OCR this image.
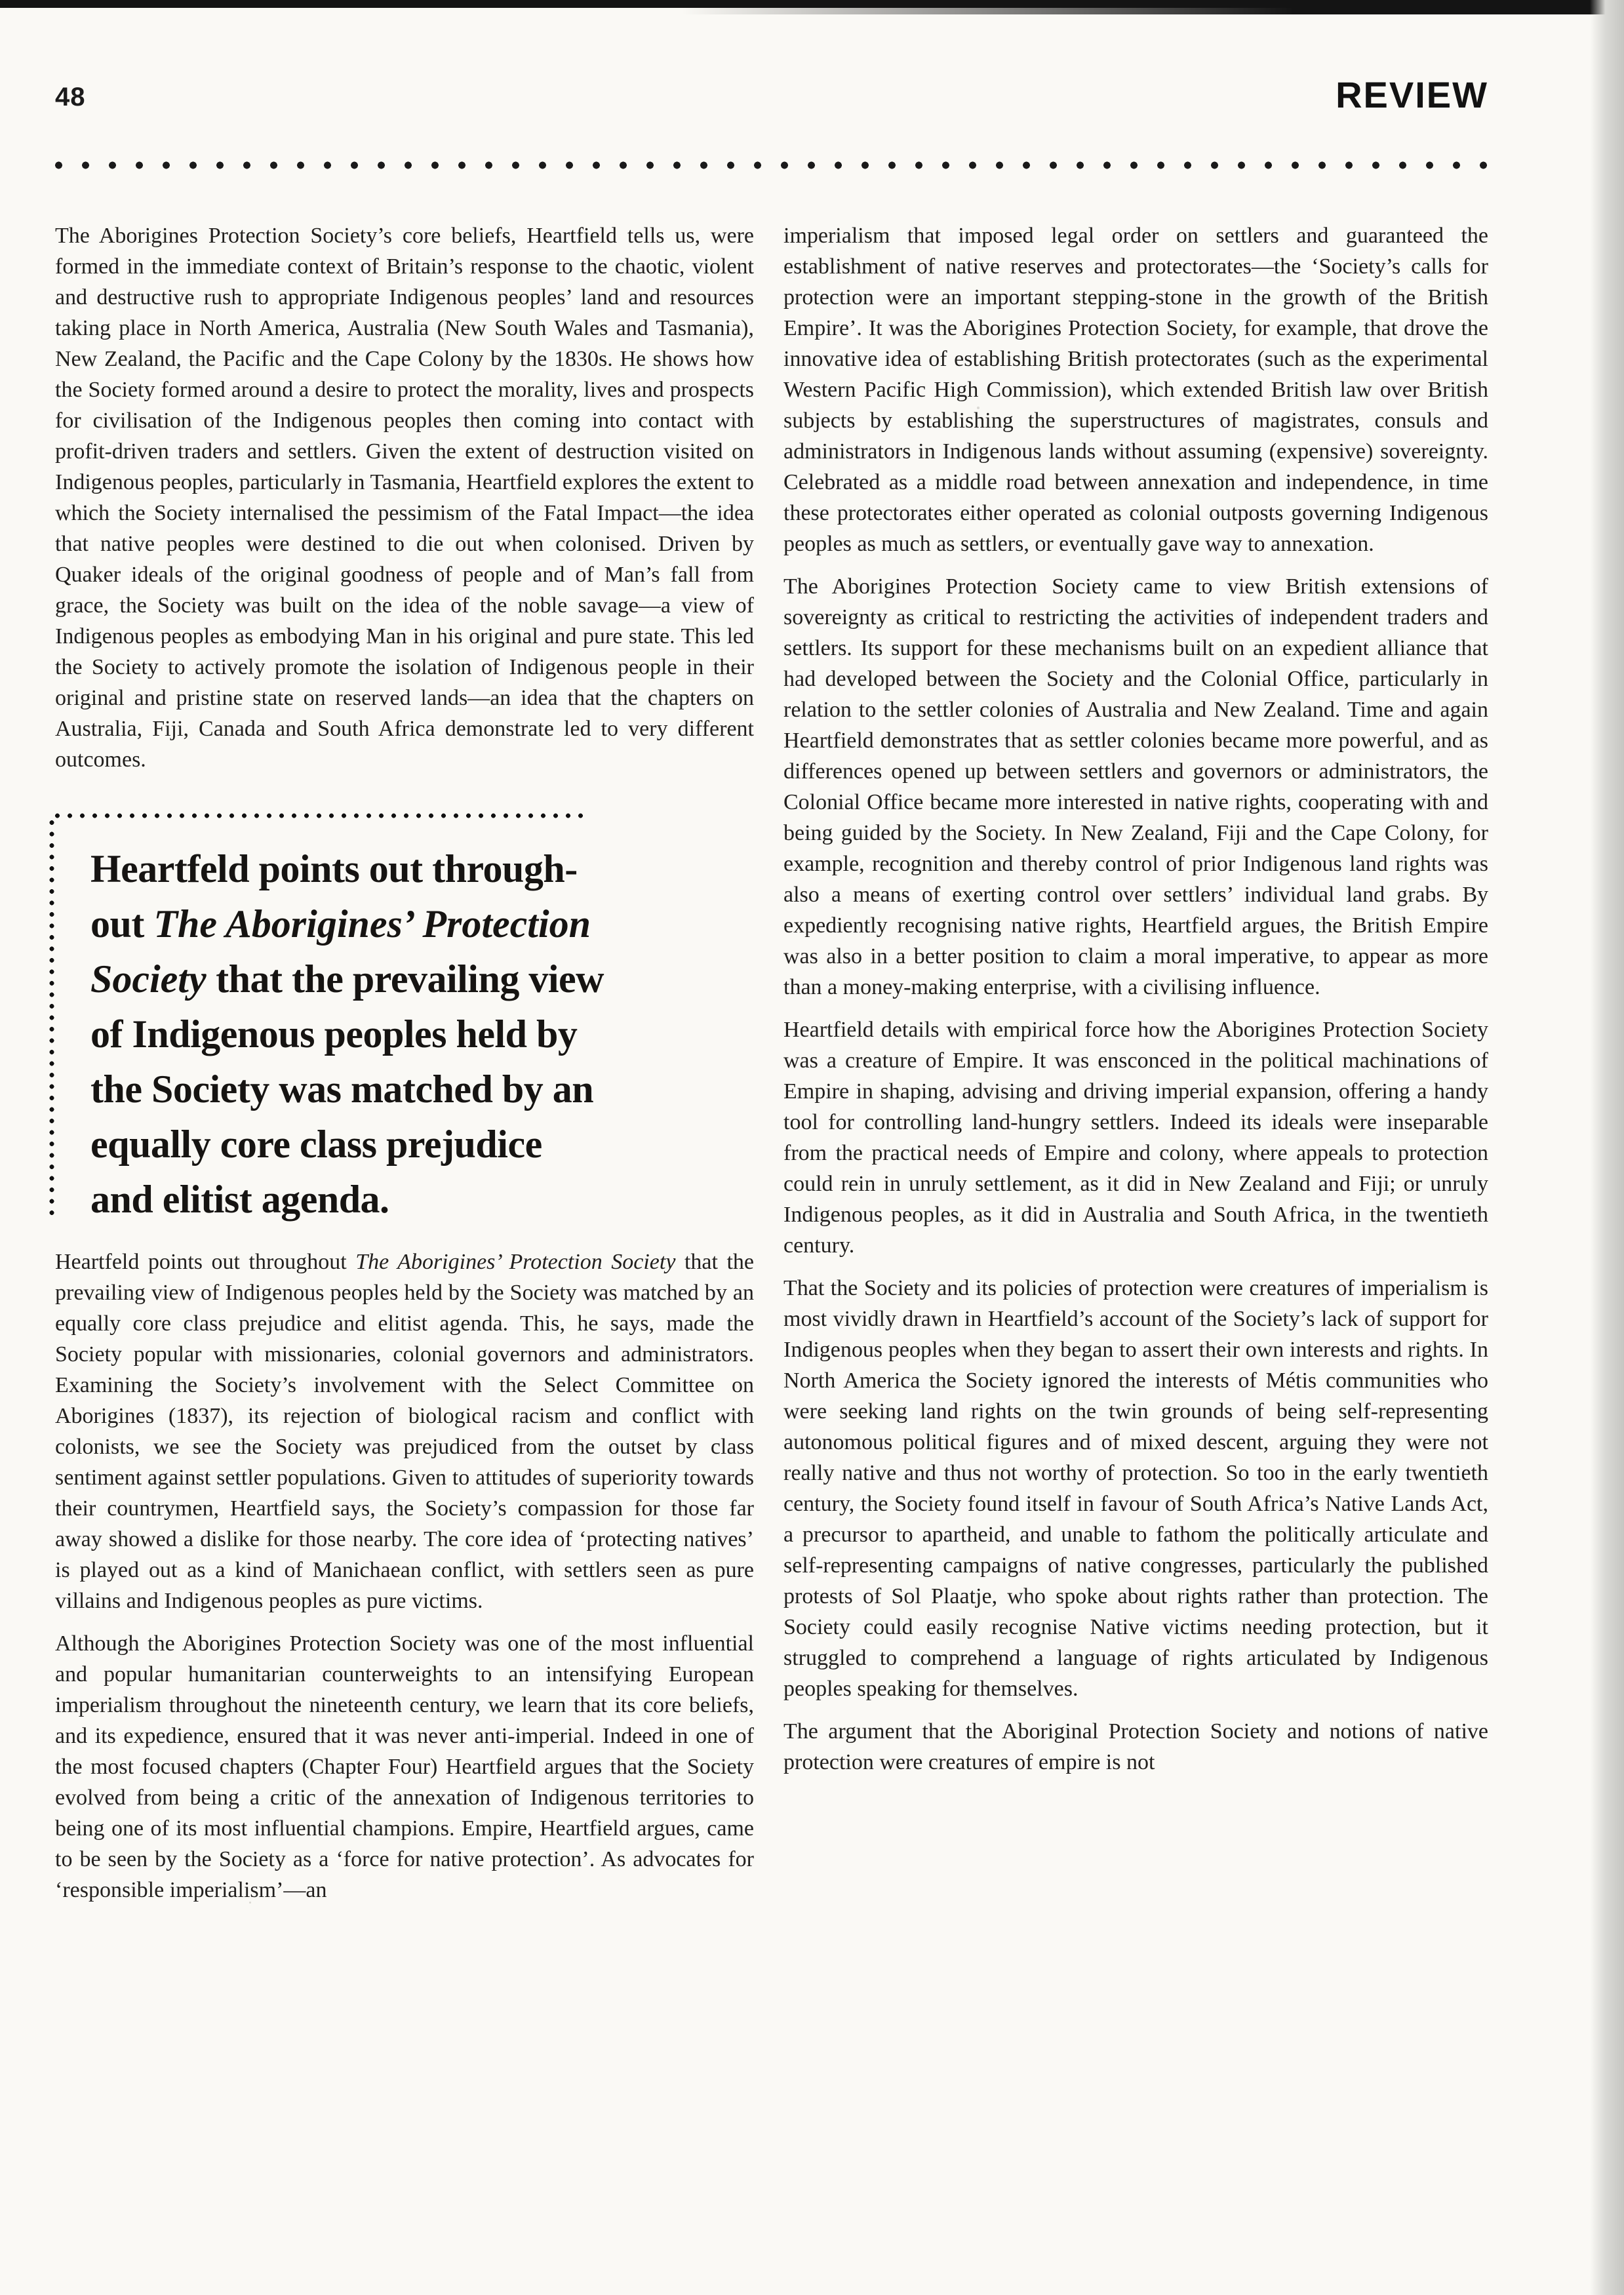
48	REVIEW

The Aborigines Protection Society’s core beliefs, Heartfield tells us, were formed in the immediate context of Britain’s response to the chaotic, violent and destructive rush to appropriate Indigenous peoples’ land and resources taking place in North America, Australia (New South Wales and Tasmania), New Zealand, the Pacific and the Cape Colony by the 1830s. He shows how the Society formed around a desire to protect the morality, lives and prospects for civilisation of the Indigenous peoples then coming into contact with profit-driven traders and settlers. Given the extent of destruction visited on Indigenous peoples, particularly in Tasmania, Heartfield explores the extent to which the Society internalised the pessimism of the Fatal Impact—the idea that native peoples were destined to die out when colonised. Driven by Quaker ideals of the original goodness of people and of Man’s fall from grace, the Society was built on the idea of the noble savage—a view of Indigenous peoples as embodying Man in his original and pure state. This led the Society to actively promote the isolation of Indigenous people in their original and pristine state on reserved lands—an idea that the chapters on Australia, Fiji, Canada and South Africa demonstrate led to very different outcomes.

Heartfeld points out through-
out The Aborigines’ Protection
Society that the prevailing view
of Indigenous peoples held by
the Society was matched by an
equally core class prejudice
and elitist agenda.

Heartfeld points out throughout The Aborigines’ Protection Society that the prevailing view of Indigenous peoples held by the Society was matched by an equally core class prejudice and elitist agenda. This, he says, made the Society popular with missionaries, colonial governors and administrators. Examining the Society’s involvement with the Select Committee on Aborigines (1837), its rejection of biological racism and conflict with colonists, we see the Society was prejudiced from the outset by class sentiment against settler populations. Given to attitudes of superiority towards their countrymen, Heartfield says, the Society’s compassion for those far away showed a dislike for those nearby. The core idea of ‘protecting natives’ is played out as a kind of Manichaean conflict, with settlers seen as pure villains and Indigenous peoples as pure victims.

Although the Aborigines Protection Society was one of the most influential and popular humanitarian counterweights to an intensifying European imperialism throughout the nineteenth century, we learn that its core beliefs, and its expedience, ensured that it was never anti-imperial. Indeed in one of the most focused chapters (Chapter Four) Heartfield argues that the Society evolved from being a critic of the annexation of Indigenous territories to being one of its most influential champions. Empire, Heartfield argues, came to be seen by the Society as a ‘force for native protection’. As advocates for ‘responsible imperialism’—an

imperialism that imposed legal order on settlers and guaranteed the establishment of native reserves and protectorates—the ‘Society’s calls for protection were an important stepping-stone in the growth of the British Empire’. It was the Aborigines Protection Society, for example, that drove the innovative idea of establishing British protectorates (such as the experimental Western Pacific High Commission), which extended British law over British subjects by establishing the superstructures of magistrates, consuls and administrators in Indigenous lands without assuming (expensive) sovereignty. Celebrated as a middle road between annexation and independence, in time these protectorates either operated as colonial outposts governing Indigenous peoples as much as settlers, or eventually gave way to annexation.

The Aborigines Protection Society came to view British extensions of sovereignty as critical to restricting the activities of independent traders and settlers. Its support for these mechanisms built on an expedient alliance that had developed between the Society and the Colonial Office, particularly in relation to the settler colonies of Australia and New Zealand. Time and again Heartfield demonstrates that as settler colonies became more powerful, and as differences opened up between settlers and governors or administrators, the Colonial Office became more interested in native rights, cooperating with and being guided by the Society. In New Zealand, Fiji and the Cape Colony, for example, recognition and thereby control of prior Indigenous land rights was also a means of exerting control over settlers’ individual land grabs. By expediently recognising native rights, Heartfield argues, the British Empire was also in a better position to claim a moral imperative, to appear as more than a money-making enterprise, with a civilising influence.

Heartfield details with empirical force how the Aborigines Protection Society was a creature of Empire. It was ensconced in the political machinations of Empire in shaping, advising and driving imperial expansion, offering a handy tool for controlling land-hungry settlers. Indeed its ideals were inseparable from the practical needs of Empire and colony, where appeals to protection could rein in unruly settlement, as it did in New Zealand and Fiji; or unruly Indigenous peoples, as it did in Australia and South Africa, in the twentieth century.

That the Society and its policies of protection were creatures of imperialism is most vividly drawn in Heartfield’s account of the Society’s lack of support for Indigenous peoples when they began to assert their own interests and rights. In North America the Society ignored the interests of Métis communities who were seeking land rights on the twin grounds of being self-representing autonomous political figures and of mixed descent, arguing they were not really native and thus not worthy of protection. So too in the early twentieth century, the Society found itself in favour of South Africa’s Native Lands Act, a precursor to apartheid, and unable to fathom the politically articulate and self-representing campaigns of native congresses, particularly the published protests of Sol Plaatje, who spoke about rights rather than protection. The Society could easily recognise Native victims needing protection, but it struggled to comprehend a language of rights articulated by Indigenous peoples speaking for themselves.

The argument that the Aboriginal Protection Society and notions of native protection were creatures of empire is not
